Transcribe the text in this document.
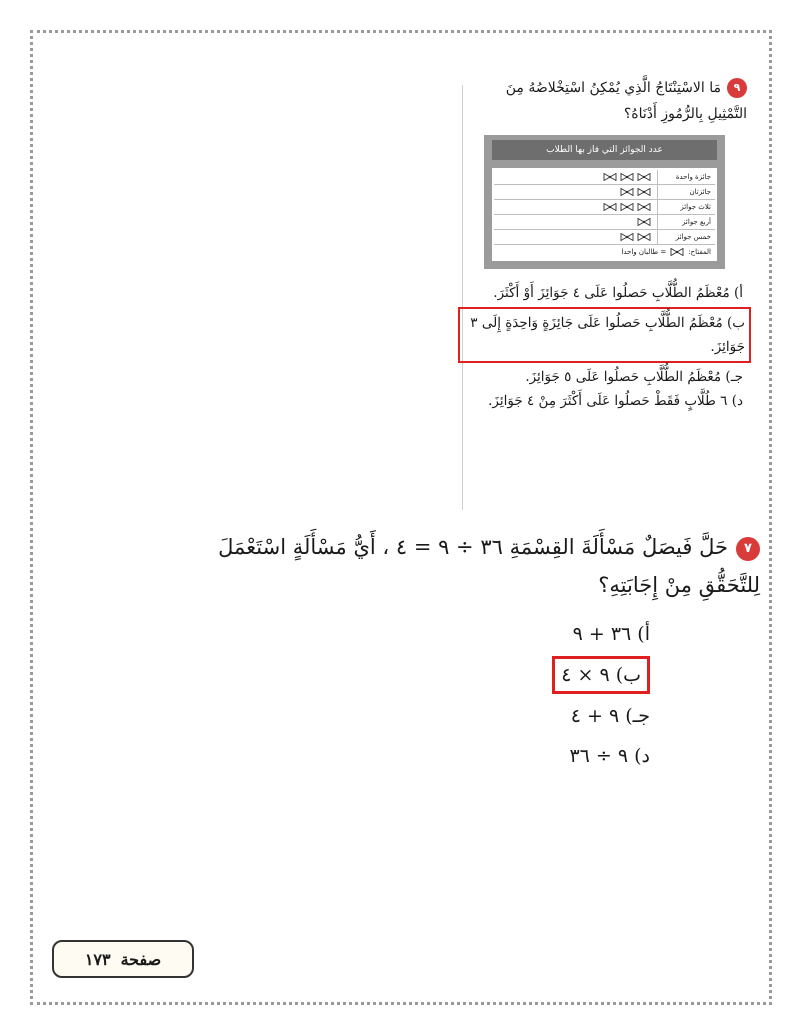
٩مَا الاسْتِنْتَاجُ الَّذِي يُمْكِنُ اسْتِخْلاصُهُ مِنَ التَّمْثِيلِ بِالرُّمُوزِ أَدْنَاهُ؟
عدد الجوائز التي فاز بها الطلاب
جائزة واحدة
جائزتان
ثلاث جوائز
أربع جوائز
خمس جوائز
المفتاح:
= طالبان واحدا
أ) مُعْظَمُ الطُّلَّابِ حَصلُوا عَلَى ٤ جَوَائِزَ أَوْ أَكْثَرَ.
ب) مُعْظَمُ الطُّلَّابِ حَصلُوا عَلَى جَائِزَةٍ وَاحِدَةٍ إِلَى ٣ جَوَائِزَ.
جـ) مُعْظَمُ الطُّلَّابِ حَصلُوا عَلَى ٥ جَوَائِزَ.
د) ٦ طُلَّابٍ فَقَطْ حَصلُوا عَلَى أَكْثَرَ مِنْ ٤ جَوَائِزَ.
٧حَلَّ فَيصَلٌ مَسْأَلَةَ القِسْمَةِ ٣٦ ÷ ٩ = ٤ ، أَيُّ مَسْأَلَةٍ اسْتَعْمَلَ لِلتَّحَقُّقِ مِنْ إِجَابَتِهِ؟
أ) ٣٦ + ٩
ب) ٩ × ٤
جـ) ٩ + ٤
د) ٩ ÷ ٣٦
صفحة
١٧٣
